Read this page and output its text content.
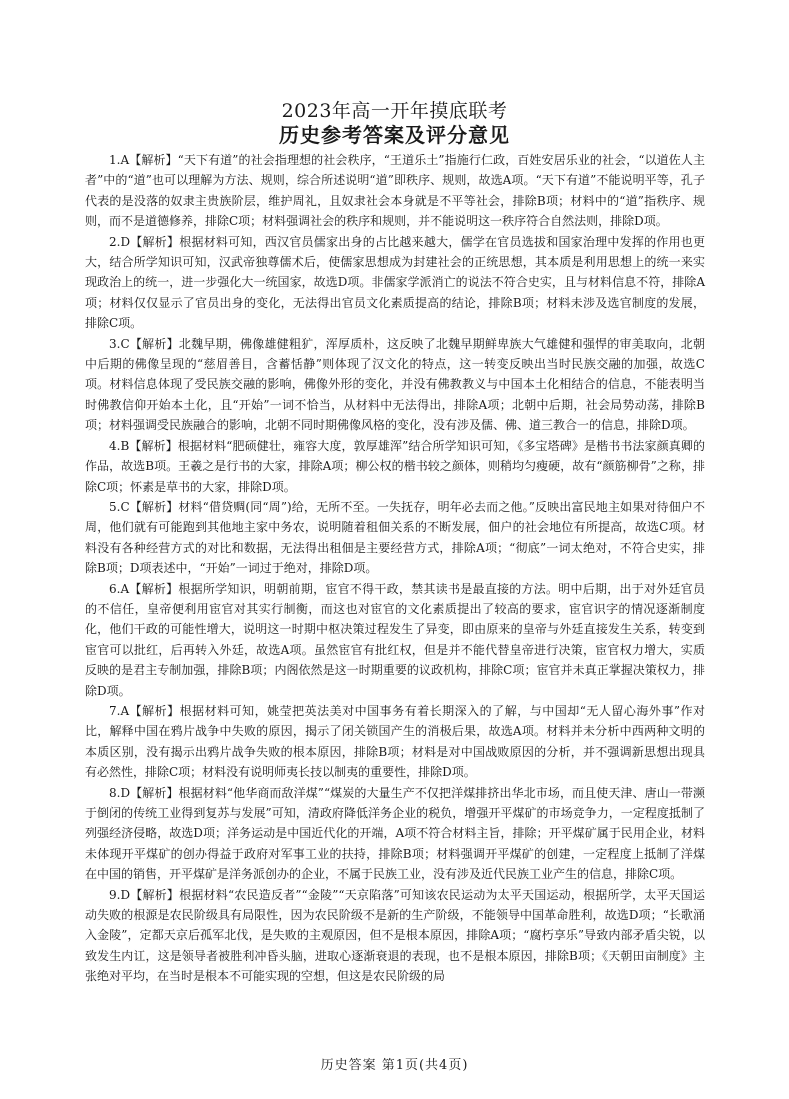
2023年高一开年摸底联考
历史参考答案及评分意见

1.A【解析】“天下有道”的社会指理想的社会秩序，“王道乐土”指施行仁政，百姓安居乐业的社会，“以道佐人主者”中的“道”也可以理解为方法、规则，综合所述说明“道”即秩序、规则，故选A项。“天下有道”不能说明平等，孔子代表的是没落的奴隶主贵族阶层，维护周礼，且奴隶社会本身就是不平等社会，排除B项；材料中的“道”指秩序、规则，而不是道德修养，排除C项；材料强调社会的秩序和规则，并不能说明这一秩序符合自然法则，排除D项。

2.D【解析】根据材料可知，西汉官员儒家出身的占比越来越大，儒学在官员选拔和国家治理中发挥的作用也更大，结合所学知识可知，汉武帝独尊儒术后，使儒家思想成为封建社会的正统思想，其本质是利用思想上的统一来实现政治上的统一，进一步强化大一统国家，故选D项。非儒家学派消亡的说法不符合史实，且与材料信息不符，排除A项；材料仅仅显示了官员出身的变化，无法得出官员文化素质提高的结论，排除B项；材料未涉及选官制度的发展，排除C项。

3.C【解析】北魏早期，佛像雄健粗犷，浑厚质朴，这反映了北魏早期鲜卑族大气雄健和强悍的审美取向，北朝中后期的佛像呈现的“慈眉善目，含蓄恬静”则体现了汉文化的特点，这一转变反映出当时民族交融的加强，故选C项。材料信息体现了受民族交融的影响，佛像外形的变化，并没有佛教教义与中国本土化相结合的信息，不能表明当时佛教信仰开始本土化，且“开始”一词不恰当，从材料中无法得出，排除A项；北朝中后期，社会局势动荡，排除B项；材料强调受民族融合的影响，北朝不同时期佛像风格的变化，没有涉及儒、佛、道三教合一的信息，排除D项。

4.B【解析】根据材料“肥硕健壮，雍容大度，敦厚雄浑”结合所学知识可知，《多宝塔碑》是楷书书法家颜真卿的作品，故选B项。王羲之是行书的大家，排除A项；柳公权的楷书较之颜体，则稍均匀瘦硬，故有“颜筋柳骨”之称，排除C项；怀素是草书的大家，排除D项。

5.C【解析】材料“借贷赒(同“周”)给，无所不至。一失抚存，明年必去而之他。”反映出富民地主如果对待佃户不周，他们就有可能跑到其他地主家中务农，说明随着租佃关系的不断发展，佃户的社会地位有所提高，故选C项。材料没有各种经营方式的对比和数据，无法得出租佃是主要经营方式，排除A项；“彻底”一词太绝对，不符合史实，排除B项；D项表述中，“开始”一词过于绝对，排除D项。

6.A【解析】根据所学知识，明朝前期，宦官不得干政，禁其读书是最直接的方法。明中后期，出于对外廷官员的不信任，皇帝便利用宦官对其实行制衡，而这也对宦官的文化素质提出了较高的要求，宦官识字的情况逐渐制度化，他们干政的可能性增大，说明这一时期中枢决策过程发生了异变，即由原来的皇帝与外廷直接发生关系，转变到宦官可以批红，后再转入外廷，故选A项。虽然宦官有批红权，但是并不能代替皇帝进行决策，宦官权力增大，实质反映的是君主专制加强，排除B项；内阁依然是这一时期重要的议政机构，排除C项；宦官并未真正掌握决策权力，排除D项。

7.A【解析】根据材料可知，姚莹把英法美对中国事务有着长期深入的了解，与中国却“无人留心海外事”作对比，解释中国在鸦片战争中失败的原因，揭示了闭关锁国产生的消极后果，故选A项。材料并未分析中西两种文明的本质区别，没有揭示出鸦片战争失败的根本原因，排除B项；材料是对中国战败原因的分析，并不强调新思想出现具有必然性，排除C项；材料没有说明师夷长技以制夷的重要性，排除D项。

8.D【解析】根据材料“他华商而敌洋煤”“煤炭的大量生产不仅把洋煤排挤出华北市场，而且使天津、唐山一带濒于倒闭的传统工业得到复苏与发展”可知，清政府降低洋务企业的税负，增强开平煤矿的市场竞争力，一定程度抵制了列强经济侵略，故选D项；洋务运动是中国近代化的开端，A项不符合材料主旨，排除；开平煤矿属于民用企业，材料未体现开平煤矿的创办得益于政府对军事工业的扶持，排除B项；材料强调开平煤矿的创建，一定程度上抵制了洋煤在中国的销售，开平煤矿是洋务派创办的企业，不属于民族工业，没有涉及近代民族工业产生的信息，排除C项。

9.D【解析】根据材料“农民造反者”“金陵”“天京陷落”可知该农民运动为太平天国运动，根据所学，太平天国运动失败的根源是农民阶级具有局限性，因为农民阶级不是新的生产阶级，不能领导中国革命胜利，故选D项；“长歌涌入金陵”，定都天京后孤军北伐，是失败的主观原因，但不是根本原因，排除A项；“腐朽享乐”导致内部矛盾尖锐，以致发生内讧，这是领导者被胜利冲昏头脑，进取心逐渐衰退的表现，也不是根本原因，排除B项；《天朝田亩制度》主张绝对平均，在当时是根本不可能实现的空想，但这是农民阶级的局

历史答案 第1页(共4页)
